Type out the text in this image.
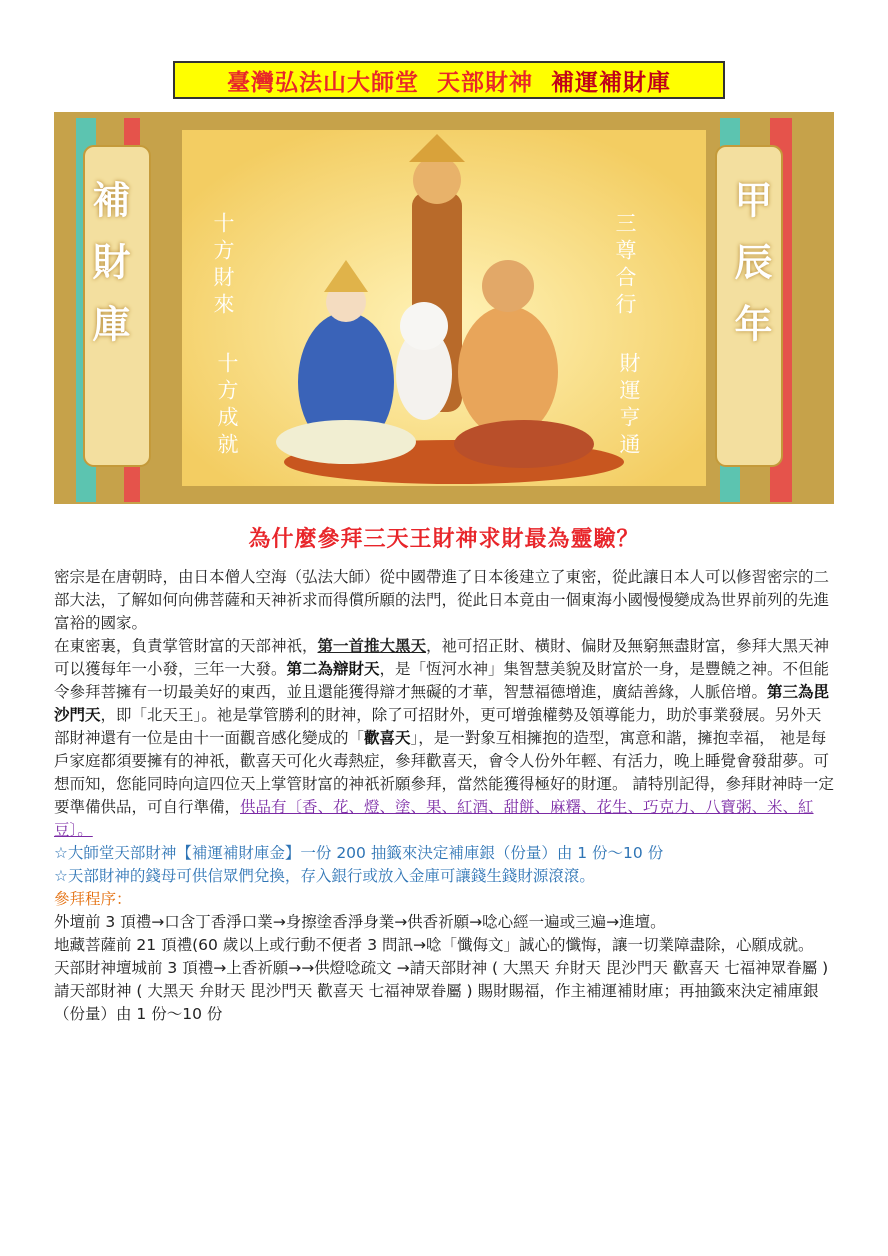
臺灣弘法山大師堂 天部財神 補運補財庫
補財庫	甲辰年
十方財來
十方成就
三尊合行
財運亨通
為什麼參拜三天王財神求財最為靈驗？

密宗是在唐朝時，由日本僧人空海（弘法大師）從中國帶進了日本後建立了東密，從此讓日本人可以修習密宗的二部大法，了解如何向佛菩薩和天神祈求而得償所願的法門，從此日本竟由一個東海小國慢慢變成為世界前列的先進富裕的國家。

在東密裏，負責掌管財富的天部神祇，第一首推大黑天，祂可招正財、橫財、偏財及無窮無盡財富，參拜大黑天神可以獲每年一小發，三年一大發。第二為辯財天，是「恆河水神」集智慧美貌及財富於一身，是豐饒之神。不但能令參拜菩擁有一切最美好的東西，並且還能獲得辯才無礙的才華，智慧福德增進，廣結善緣，人脈倍增。第三為毘沙門天，即「北天王」。祂是掌管勝利的財神，除了可招財外，更可增強權勢及領導能力，助於事業發展。另外天部財神還有一位是由十一面觀音感化變成的「歡喜天」，是一對象互相擁抱的造型，寓意和諧，擁抱幸福， 祂是每戶家庭都須要擁有的神祇，歡喜天可化火毒熱症，參拜歡喜天，會令人份外年輕、有活力，晚上睡覺會發甜夢。可想而知，您能同時向這四位天上掌管財富的神祇祈願參拜，當然能獲得極好的財運。 請特別記得，參拜財神時一定要準備供品，可自行準備，供品有〔香、花、燈、塗、果、紅酒、甜餅、麻糬、花生、巧克力、八寶粥、米、紅豆〕。

☆大師堂天部財神【補運補財庫金】一份 200 抽籤來決定補庫銀（份量）由 1 份～10 份

☆天部財神的錢母可供信眾們兌換，存入銀行或放入金庫可讓錢生錢財源滾滾。

參拜程序：

外壇前 3 頂禮→口含丁香淨口業→身擦塗香淨身業→供香祈願→唸心經一遍或三遍→進壇。

地藏菩薩前 21 頂禮(60 歲以上或行動不便者 3 問訊→唸「懺侮文」誠心的懺悔，讓一切業障盡除，心願成就。

天部財神壇城前 3 頂禮→上香祈願→→供燈唸疏文 →請天部財神 ( 大黑天 弁財天 毘沙門天 歡喜天 七福神眾眷屬 )

請天部財神 ( 大黑天 弁財天 毘沙門天 歡喜天 七福神眾眷屬 ) 賜財賜福，作主補運補財庫；再抽籤來決定補庫銀（份量）由 1 份～10 份
